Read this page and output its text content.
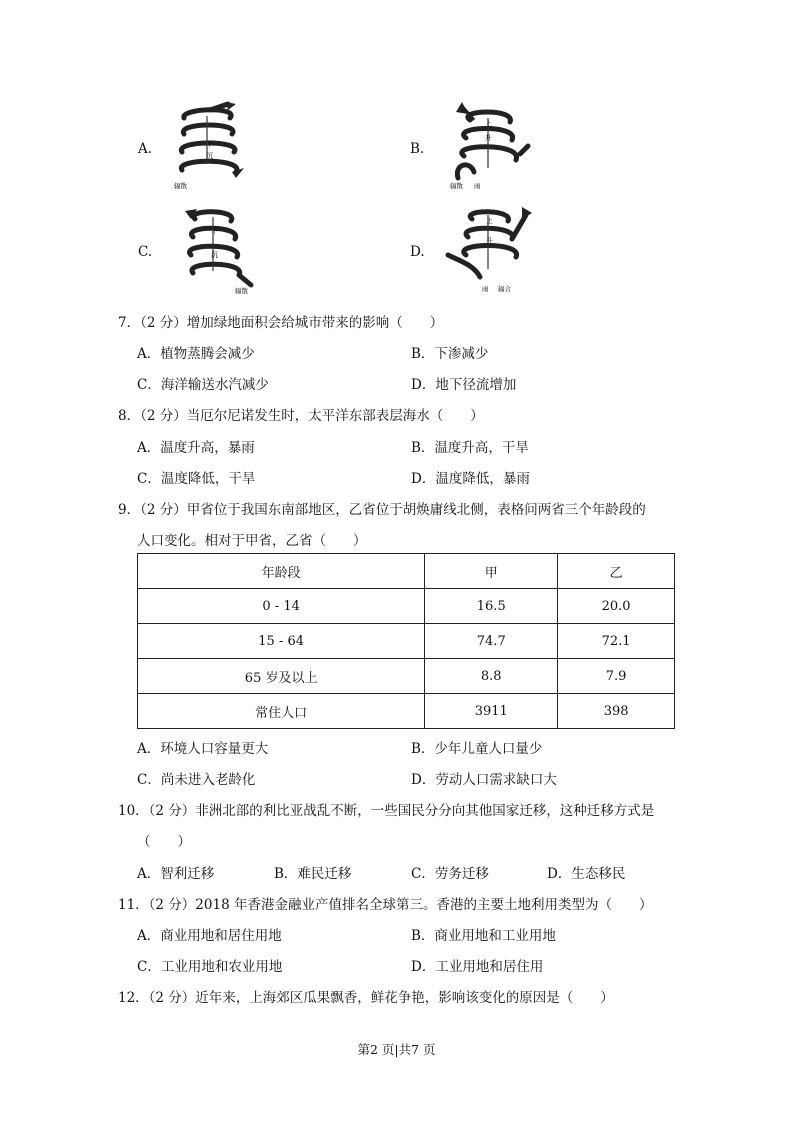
A.	下
沉
辐散
B.
上
升
辐散 雨
C.
下
沉
辐散
D.
上
升
雨 辐合
7．（2 分）增加绿地面积会给城市带来的影响（　　）
A．植物蒸腾会减少	B．下渗减少
C．海洋输送水汽减少	D．地下径流增加
8．（2 分）当厄尔尼诺发生时，太平洋东部表层海水（　　）
A．温度升高，暴雨	B．温度升高，干旱
C．温度降低，干旱	D．温度降低，暴雨
9．（2 分）甲省位于我国东南部地区，乙省位于胡焕庸线北侧，表格问两省三个年龄段的
人口变化。相对于甲省，乙省（　　）
年龄段	甲	乙
0 - 14	16.5	20.0
15 - 64	74.7	72.1
65 岁及以上	8.8	7.9
常住人口	3911	398
A．环境人口容量更大	B．少年儿童人口量少
C．尚未进入老龄化	D．劳动人口需求缺口大
10．（2 分）非洲北部的利比亚战乱不断，一些国民分分向其他国家迁移，这种迁移方式是
（　　）
A．智利迁移	B．难民迁移	C．劳务迁移	D．生态移民
11．（2 分）2018 年香港金融业产值排名全球第三。香港的主要土地利用类型为（　　）
A．商业用地和居住用地	B．商业用地和工业用地
C．工业用地和农业用地	D．工业用地和居住用
12．（2 分）近年来，上海郊区瓜果飘香，鲜花争艳，影响该变化的原因是（　　）
第2 页|共7 页
